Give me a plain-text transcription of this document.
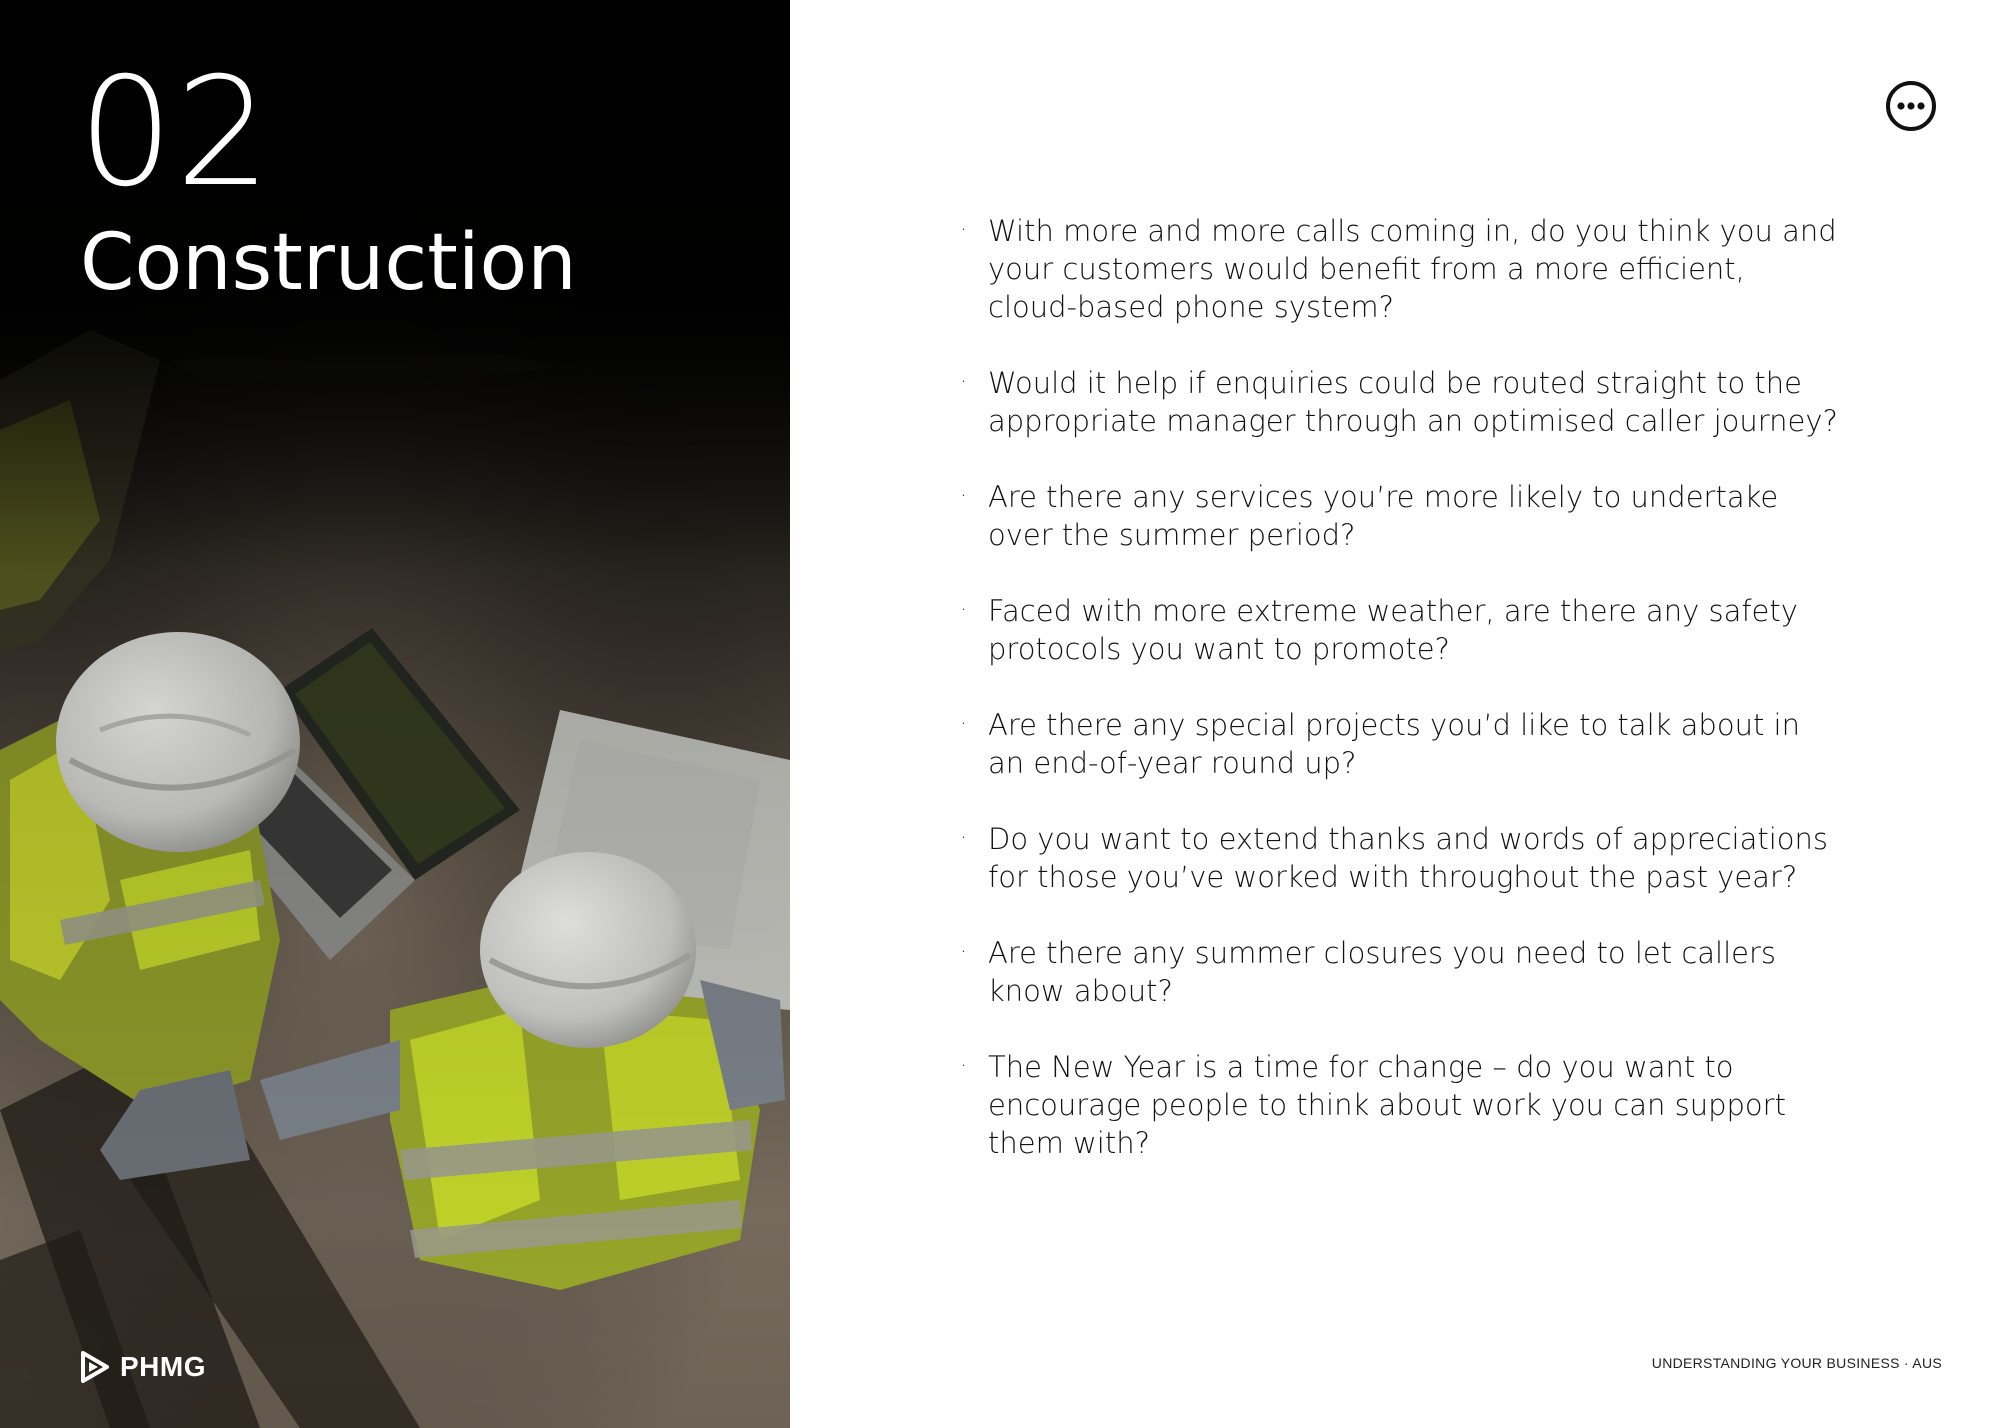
02
Construction
PHMG
· With more and more calls coming in, do you think you and your customers would benefit from a more efficient, cloud-based phone system?
· Would it help if enquiries could be routed straight to the appropriate manager through an optimised caller journey?
· Are there any services you’re more likely to undertake over the summer period?
· Faced with more extreme weather, are there any safety protocols you want to promote?
· Are there any special projects you’d like to talk about in an end-of-year round up?
· Do you want to extend thanks and words of appreciations for those you’ve worked with throughout the past year?
· Are there any summer closures you need to let callers know about?
· The New Year is a time for change – do you want to encourage people to think about work you can support them with?
UNDERSTANDING YOUR BUSINESS · AUS
